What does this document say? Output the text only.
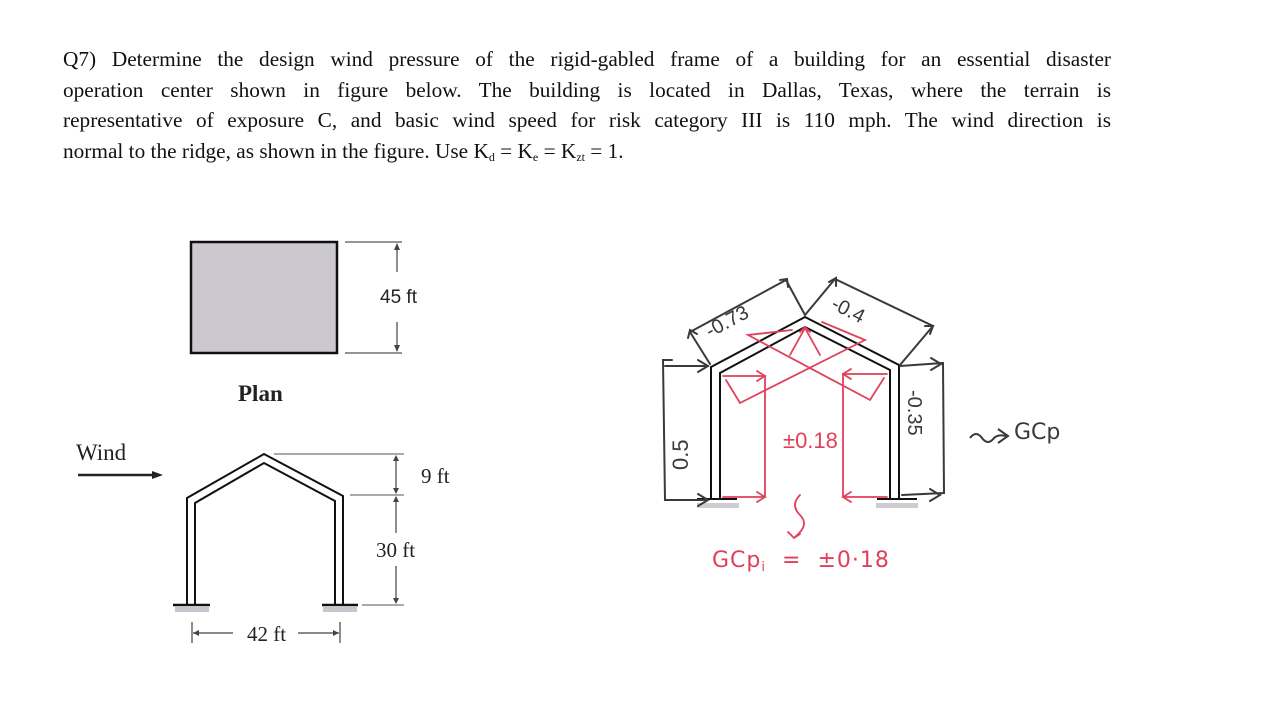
Q7) Determine the design wind pressure of the rigid-gabled frame of a building for an essential disaster
operation center shown in figure below. The building is located in Dallas, Texas, where the terrain is
representative of exposure C, and basic wind speed for risk category III is 110 mph. The wind direction is
normal to the ridge, as shown in the figure. Use $K_d = K_e = K_{zt} = 1$.
45 ft
Plan
Wind
9 ft
30 ft
42 ft
0.5
-0.73	-0.4
-0.35
±0.18	GCp
GCp$_i$ = ±0·18
